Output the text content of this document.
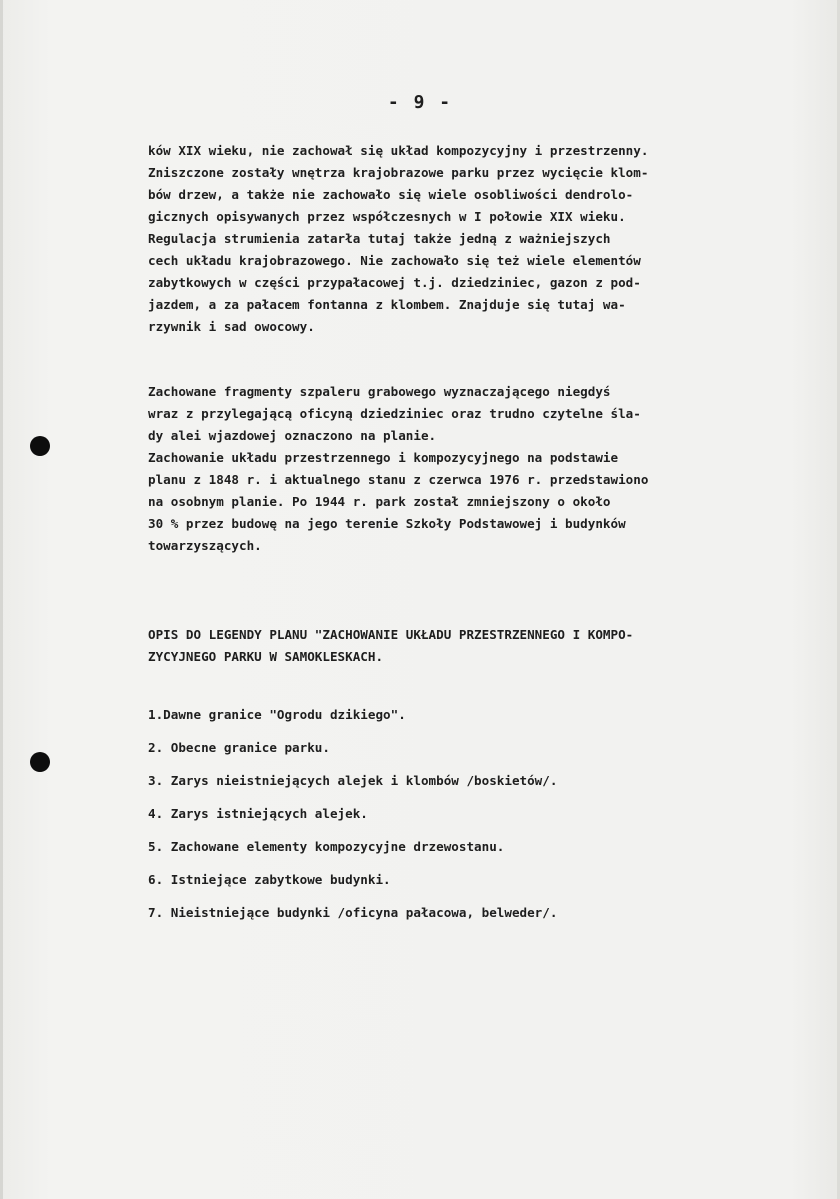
- 9 -
ków XIX wieku, nie zachował się układ kompozycyjny i przestrzenny.
Zniszczone zostały wnętrza krajobrazowe parku przez wycięcie klom-
bów drzew, a także nie zachowało się wiele osobliwości dendrolo-
gicznych opisywanych przez współczesnych w I połowie XIX wieku.
Regulacja strumienia zatarła tutaj także jedną z ważniejszych
cech układu krajobrazowego. Nie zachowało się też wiele elementów
zabytkowych w części przypałacowej t.j. dziedziniec, gazon z pod-
jazdem, a za pałacem fontanna z klombem. Znajduje się tutaj wa-
rzywnik i sad owocowy.
Zachowane fragmenty szpaleru grabowego wyznaczającego niegdyś
wraz z przylegającą oficyną dziedziniec oraz trudno czytelne śla-
dy alei wjazdowej oznaczono na planie.
Zachowanie układu przestrzennego i kompozycyjnego na podstawie
planu z 1848 r. i aktualnego stanu z czerwca 1976 r. przedstawiono
na osobnym planie. Po 1944 r. park został zmniejszony o około
30 % przez budowę na jego terenie Szkoły Podstawowej i budynków
towarzyszących.
OPIS DO LEGENDY PLANU "ZACHOWANIE UKŁADU PRZESTRZENNEGO I KOMPO-
ZYCYJNEGO PARKU W SAMOKLESKACH.
1.Dawne granice "Ogrodu dzikiego".
2. Obecne granice parku.
3. Zarys nieistniejących alejek i klombów /boskietów/.
4. Zarys istniejących alejek.
5. Zachowane elementy kompozycyjne drzewostanu.
6. Istniejące zabytkowe budynki.
7. Nieistniejące budynki /oficyna pałacowa, belweder/.
